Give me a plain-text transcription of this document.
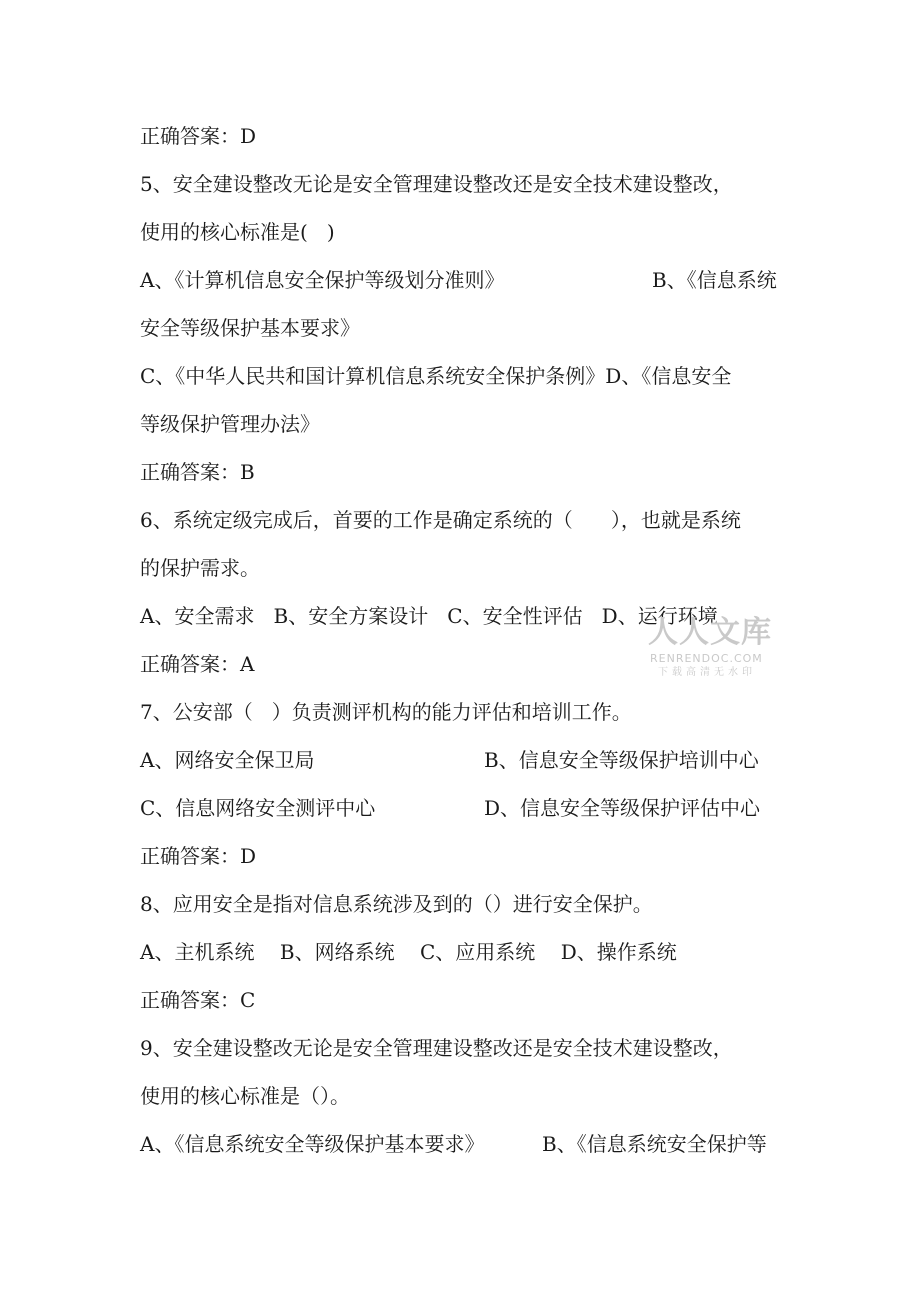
正确答案：D

5、安全建设整改无论是安全管理建设整改还是安全技术建设整改，

使用的核心标准是(   )

A、《计算机信息安全保护等级划分准则》	B、《信息系统

安全等级保护基本要求》

C、《中华人民共和国计算机信息系统安全保护条例》D、《信息安全

等级保护管理办法》

正确答案：B

6、系统定级完成后，首要的工作是确定系统的（      ），也就是系统

的保护需求。

A、安全需求   B、安全方案设计   C、安全性评估   D、运行环境

正确答案：A

7、公安部（   ）负责测评机构的能力评估和培训工作。

A、网络安全保卫局	B、信息安全等级保护培训中心

C、信息网络安全测评中心	D、信息安全等级保护评估中心

正确答案：D

8、应用安全是指对信息系统涉及到的（）进行安全保护。

A、主机系统    B、网络系统    C、应用系统    D、操作系统

正确答案：C

9、安全建设整改无论是安全管理建设整改还是安全技术建设整改，

使用的核心标准是（）。

A、《信息系统安全等级保护基本要求》	B、《信息系统安全保护等

人人文库
RENRENDOC.COM
下载高清无水印
